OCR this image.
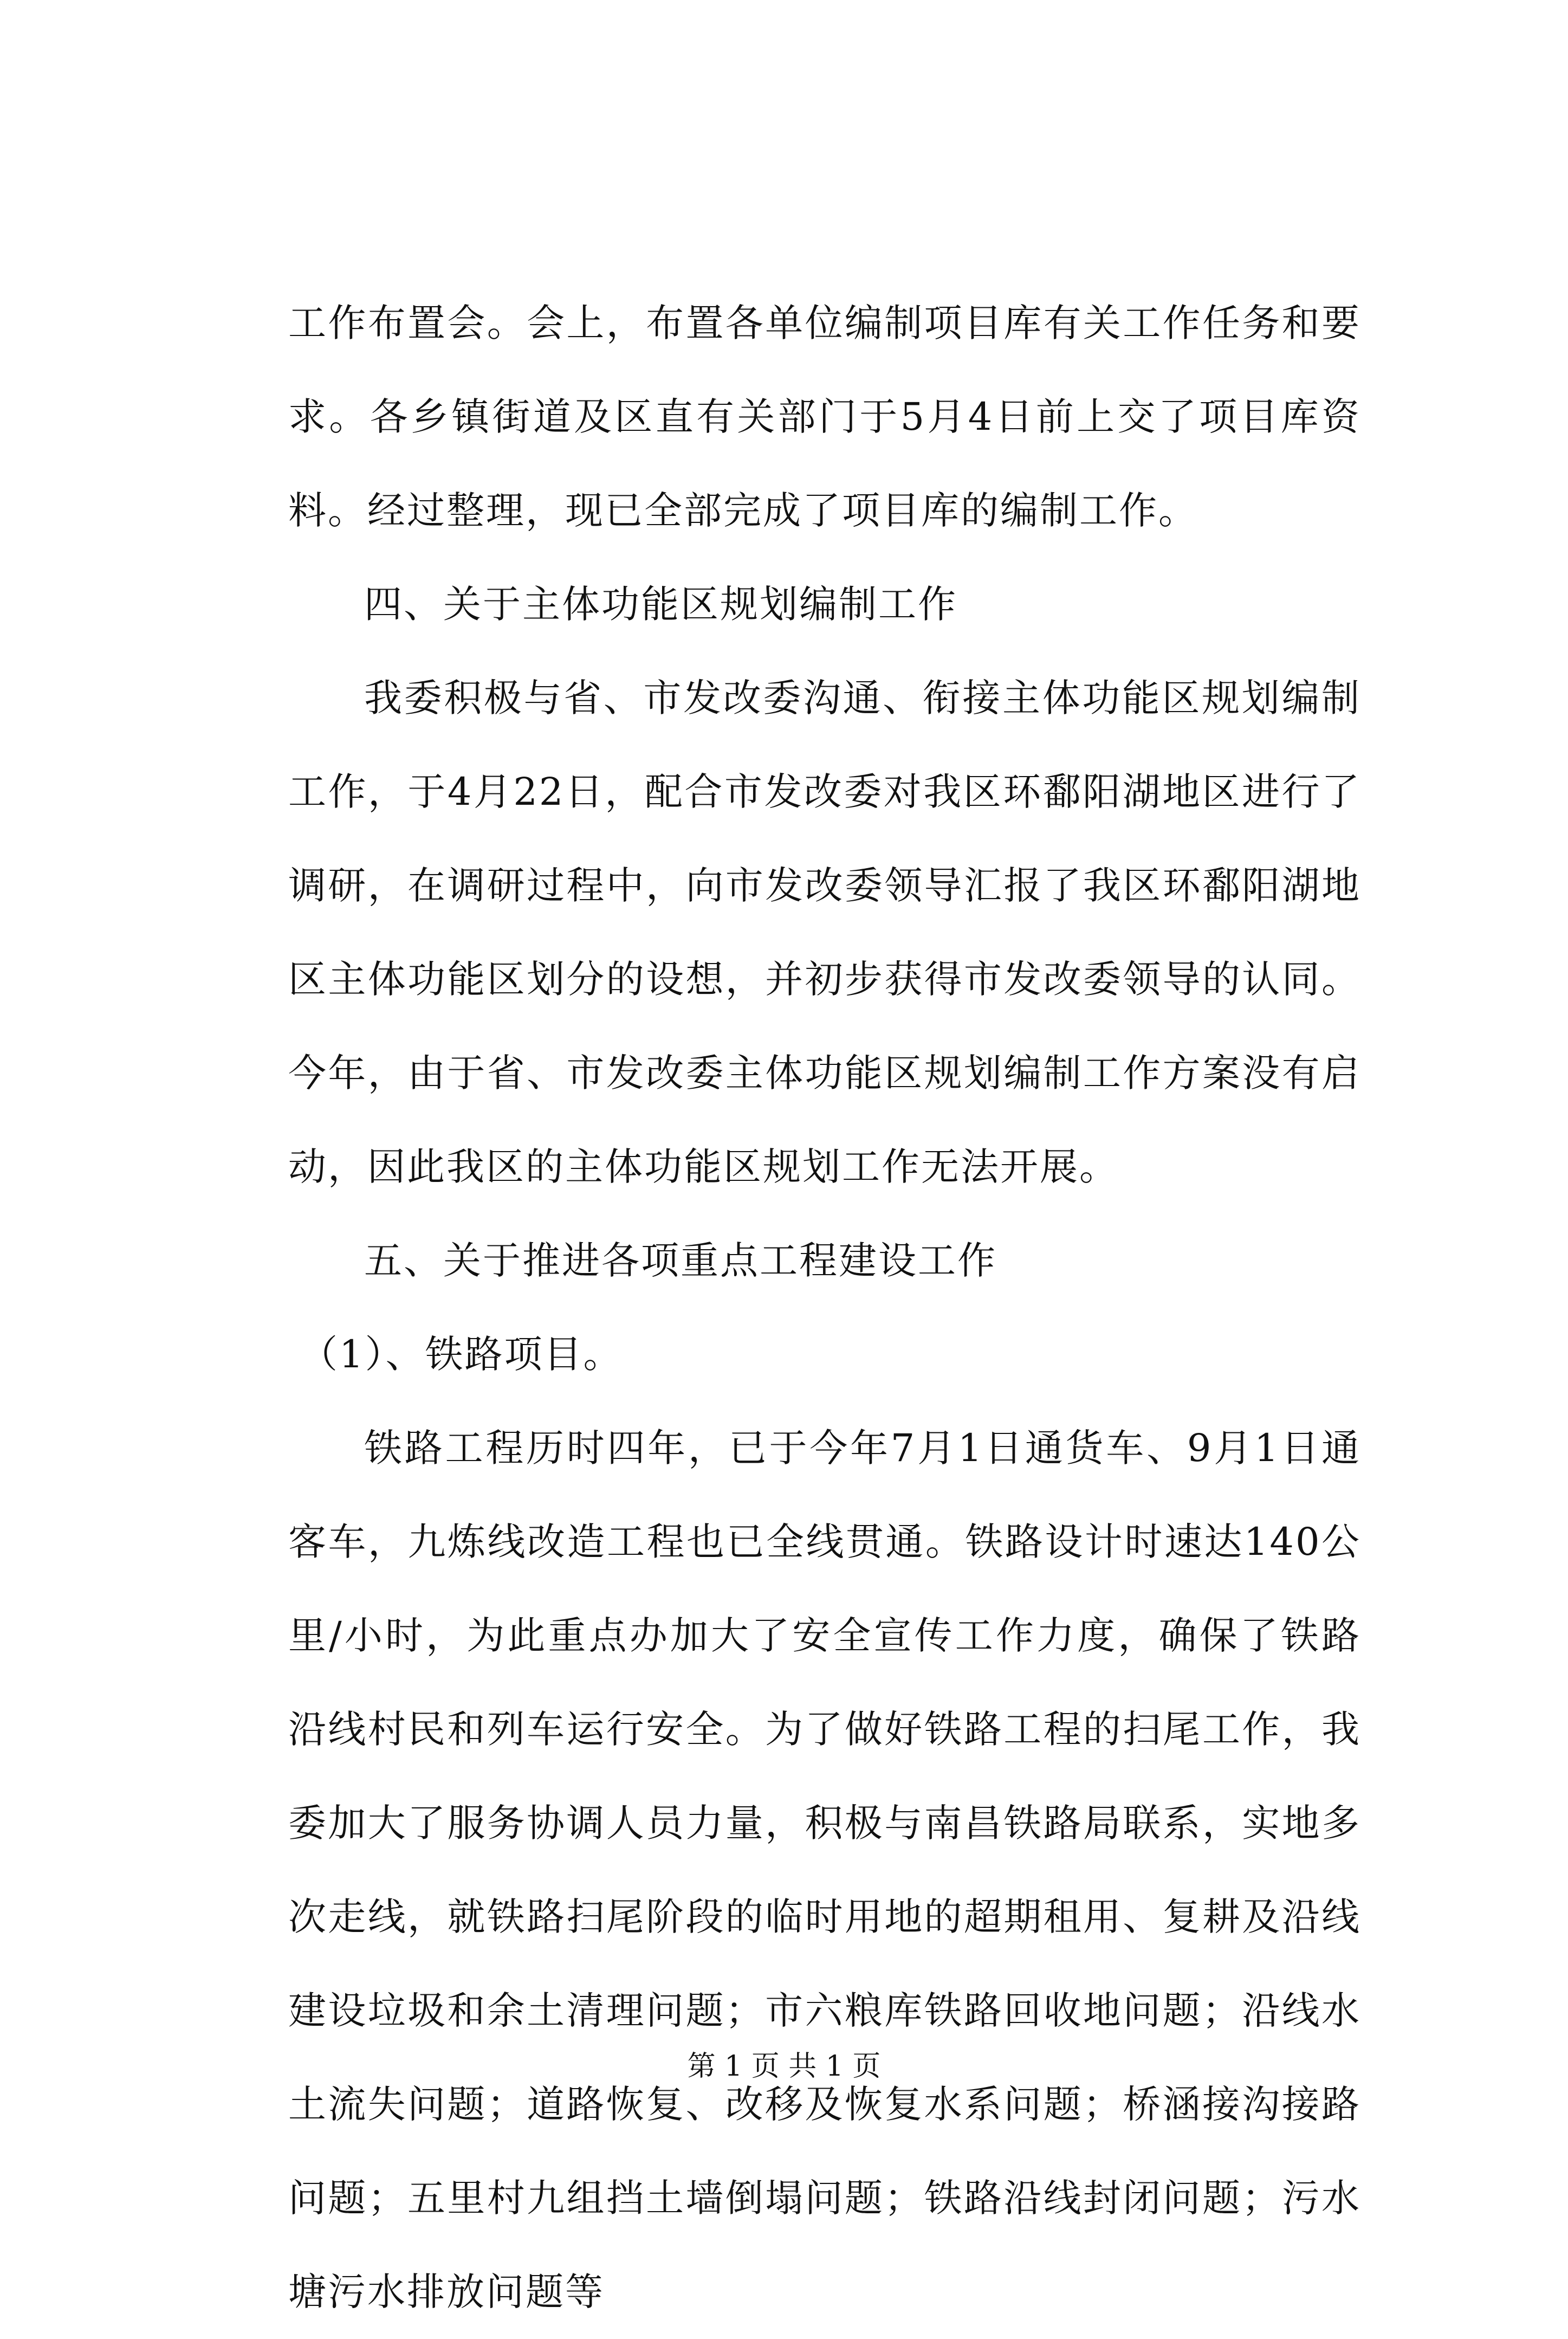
工作布置会。会上，布置各单位编制项目库有关工作任务和要求。各乡镇街道及区直有关部门于5月4日前上交了项目库资料。经过整理，现已全部完成了项目库的编制工作。

四、关于主体功能区规划编制工作

我委积极与省、市发改委沟通、衔接主体功能区规划编制工作，于4月22日，配合市发改委对我区环鄱阳湖地区进行了调研，在调研过程中，向市发改委领导汇报了我区环鄱阳湖地区主体功能区划分的设想，并初步获得市发改委领导的认同。今年，由于省、市发改委主体功能区规划编制工作方案没有启动，因此我区的主体功能区规划工作无法开展。

五、关于推进各项重点工程建设工作

（1）、铁路项目。

铁路工程历时四年，已于今年7月1日通货车、9月1日通客车，九炼线改造工程也已全线贯通。铁路设计时速达140公里/小时，为此重点办加大了安全宣传工作力度，确保了铁路沿线村民和列车运行安全。为了做好铁路工程的扫尾工作，我委加大了服务协调人员力量，积极与南昌铁路局联系，实地多次走线，就铁路扫尾阶段的临时用地的超期租用、复耕及沿线建设垃圾和余土清理问题；市六粮库铁路回收地问题；沿线水土流失问题；道路恢复、改移及恢复水系问题；桥涵接沟接路问题；五里村九组挡土墙倒塌问题；铁路沿线封闭问题；污水塘污水排放问题等

第 1 页 共 1 页
